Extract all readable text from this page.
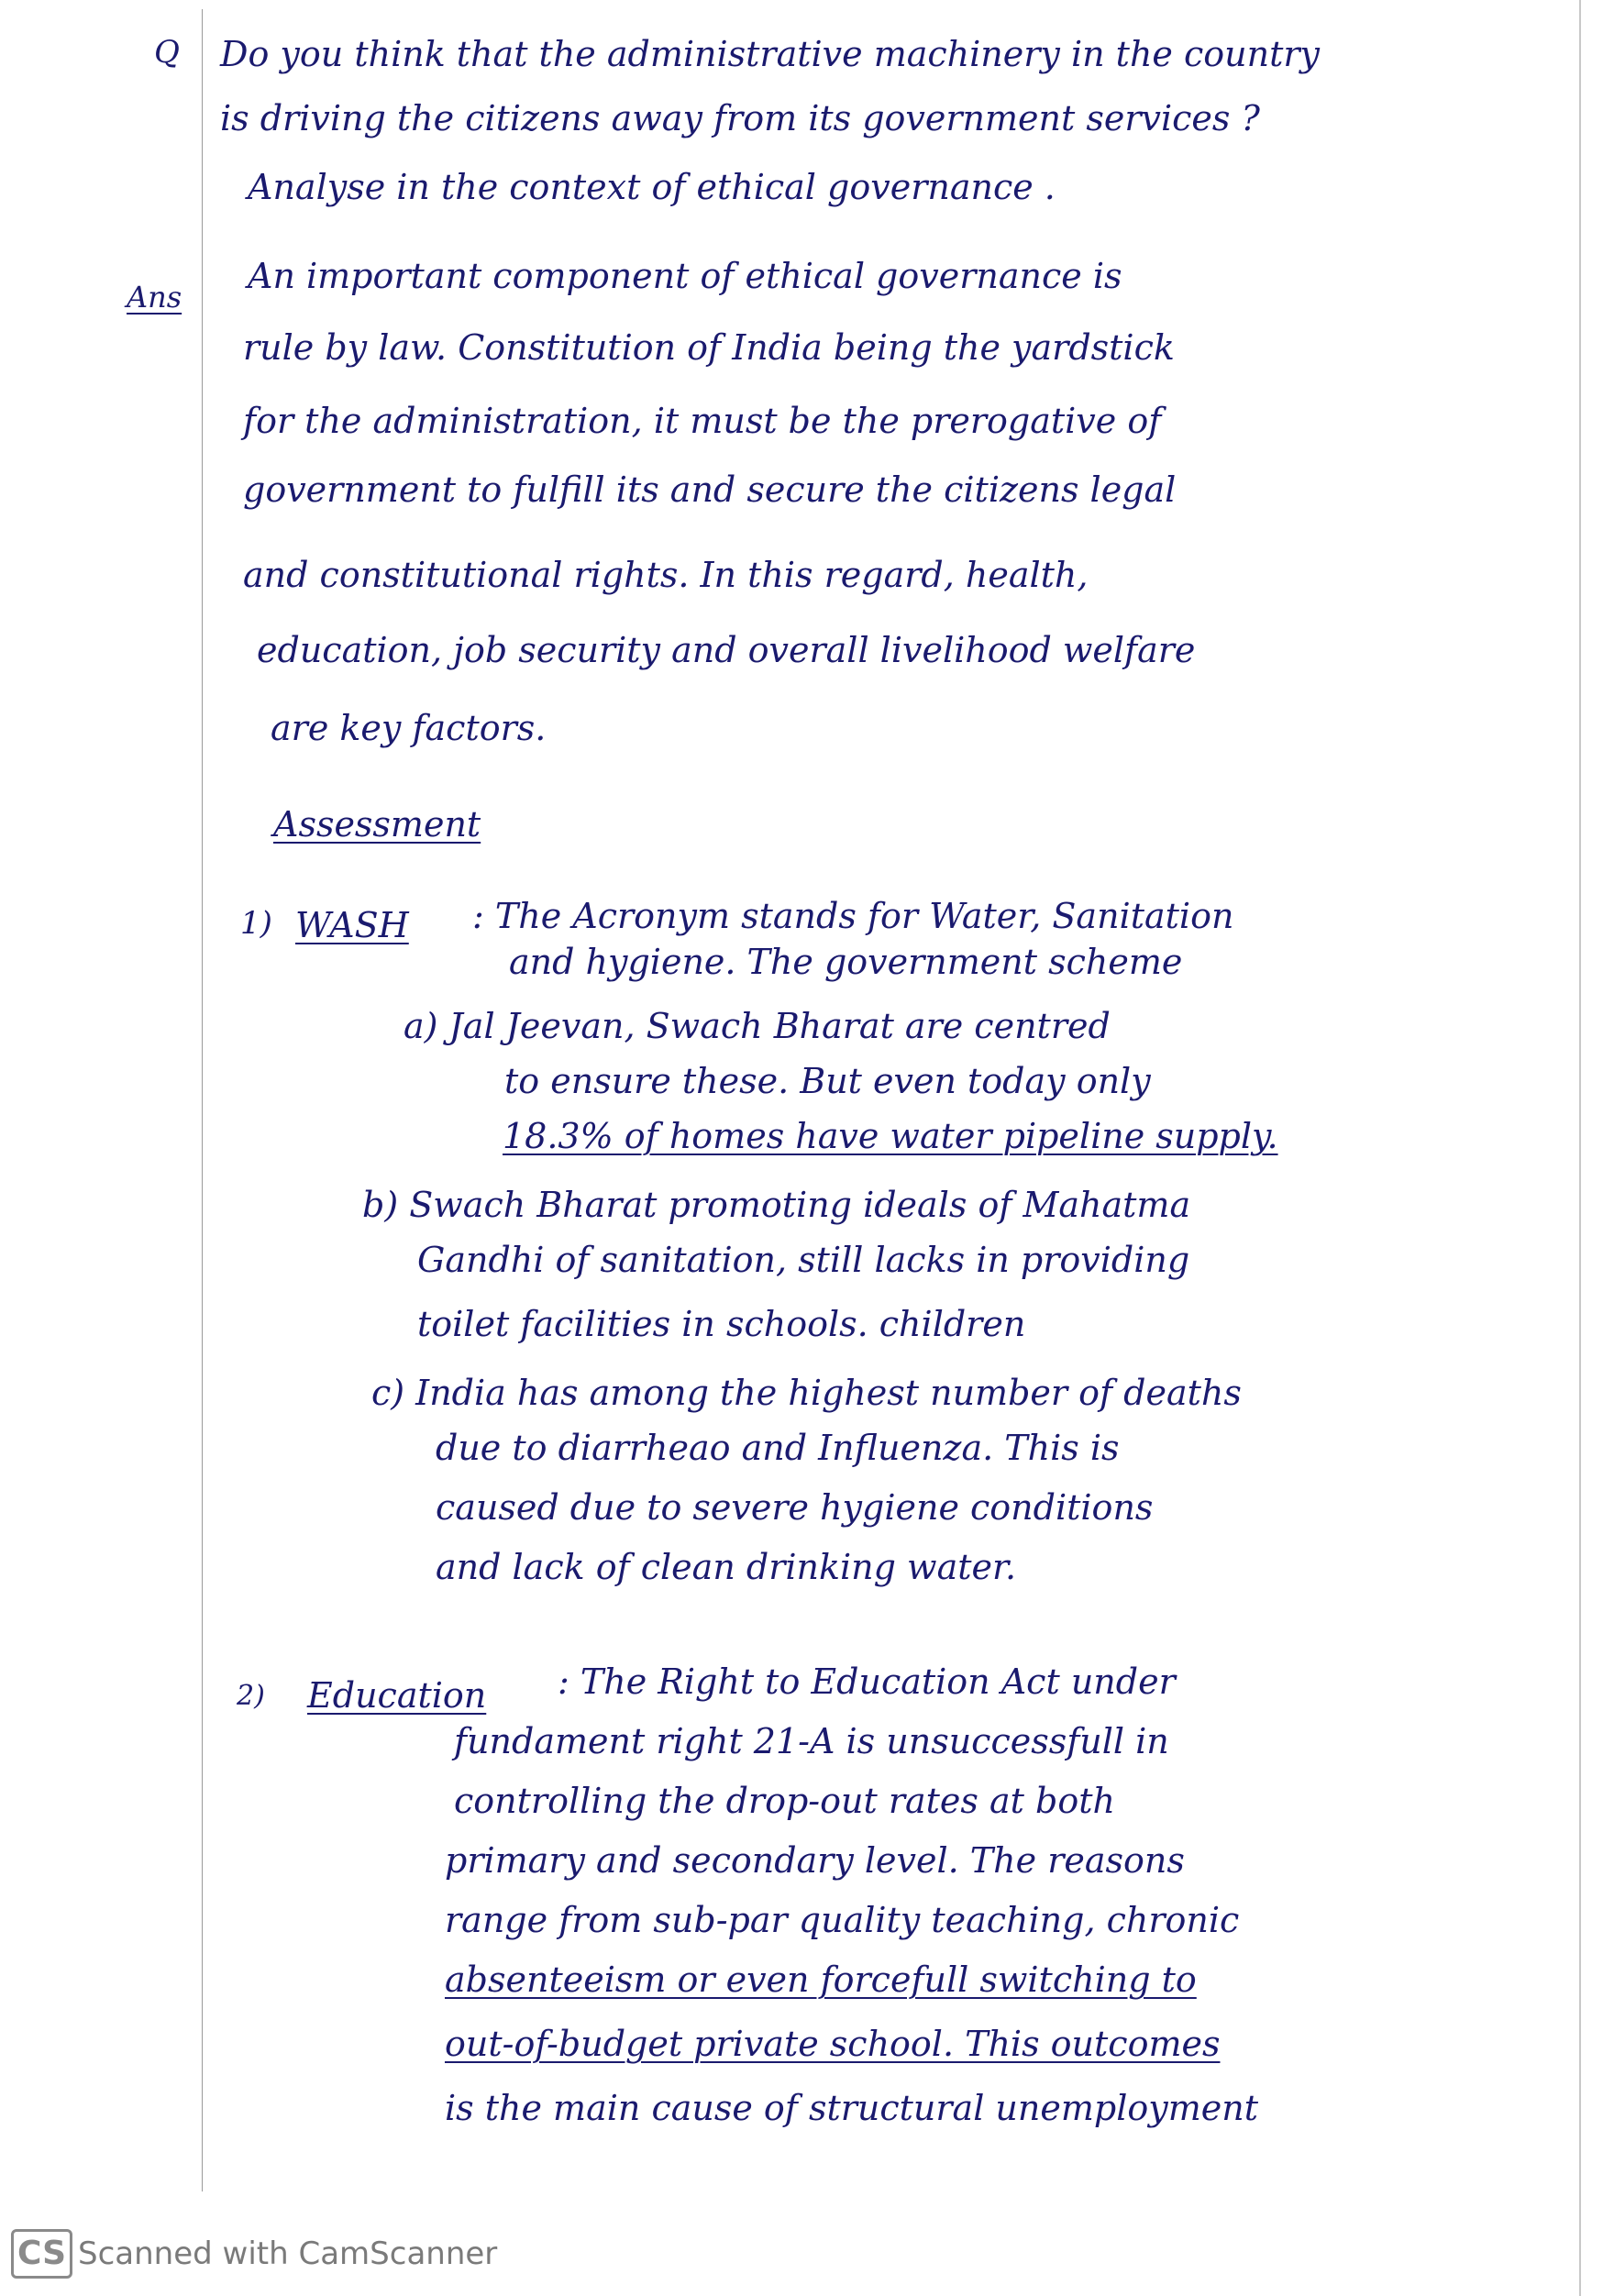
Q Do you think that the administrative machinery in the country
is driving the citizens away from its government services ?
Analyse in the context of ethical governance .
Ans
An important component of ethical governance is
rule by law. Constitution of India being the yardstick
for the administration, it must be the prerogative of
government to fulfill its and secure the citizens legal
and constitutional rights. In this regard, health,
education, job security and overall livelihood welfare
are key factors.
Assessment
1) WASH : The Acronym stands for Water, Sanitation
and hygiene. The government scheme
a) Jal Jeevan, Swach Bharat are centred
to ensure these. But even today only
18.3% of homes have water pipeline supply.
b) Swach Bharat promoting ideals of Mahatma
Gandhi of sanitation, still lacks in providing
toilet facilities in schools. children
c) India has among the highest number of deaths
due to diarrheao and Influenza. This is
caused due to severe hygiene conditions
and lack of clean drinking water.
2) Education : The Right to Education Act under
fundament right 21-A is unsuccessfull in
controlling the drop-out rates at both
primary and secondary level. The reasons
range from sub-par quality teaching, chronic
absenteeism or even forcefull switching to
out-of-budget private school. This outcomes
is the main cause of structural unemployment
CS Scanned with CamScanner
